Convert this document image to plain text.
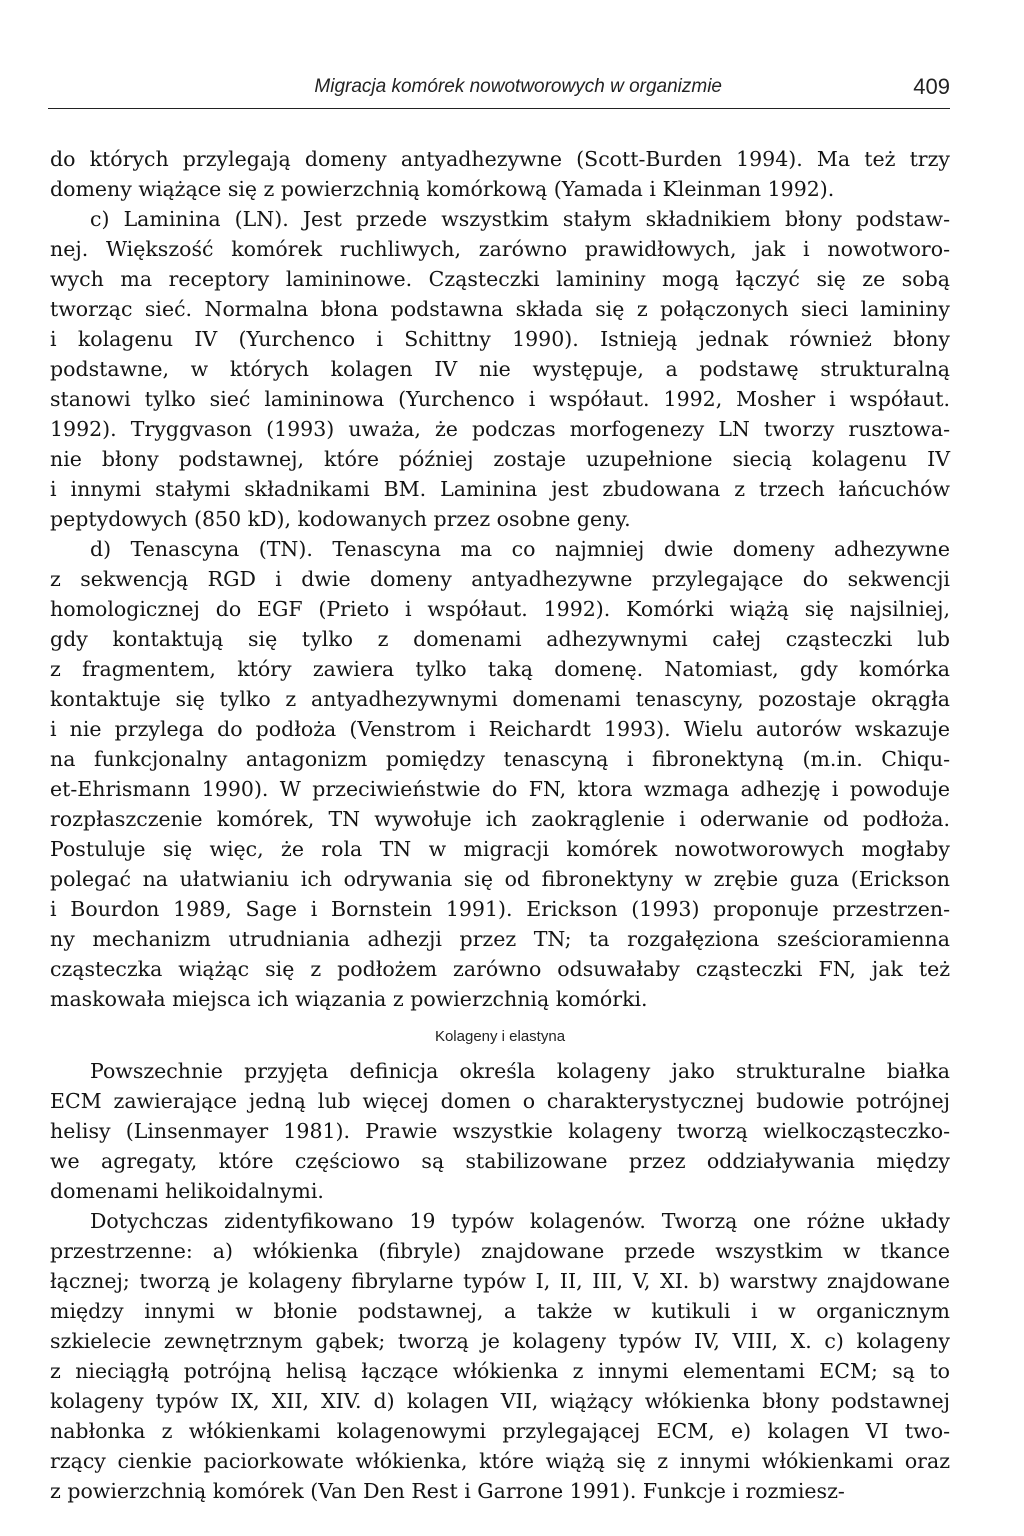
Migracja komórek nowotworowych w organizmie	409
do których przylegają domeny antyadhezywne (Scott-Burden 1994). Ma też trzy
domeny wiążące się z powierzchnią komórkową (Yamada i Kleinman 1992).
c) Laminina (LN). Jest przede wszystkim stałym składnikiem błony podstaw-
nej. Większość komórek ruchliwych, zarówno prawidłowych, jak i nowotworo-
wych ma receptory lamininowe. Cząsteczki lamininy mogą łączyć się ze sobą
tworząc sieć. Normalna błona podstawna składa się z połączonych sieci lamininy
i kolagenu IV (Yurchenco i Schittny 1990). Istnieją jednak również błony
podstawne, w których kolagen IV nie występuje, a podstawę strukturalną
stanowi tylko sieć lamininowa (Yurchenco i współaut. 1992, Mosher i współaut.
1992). Tryggvason (1993) uważa, że podczas morfogenezy LN tworzy rusztowa-
nie błony podstawnej, które później zostaje uzupełnione siecią kolagenu IV
i innymi stałymi składnikami BM. Laminina jest zbudowana z trzech łańcuchów
peptydowych (850 kD), kodowanych przez osobne geny.
d) Tenascyna (TN). Tenascyna ma co najmniej dwie domeny adhezywne
z sekwencją RGD i dwie domeny antyadhezywne przylegające do sekwencji
homologicznej do EGF (Prieto i współaut. 1992). Komórki wiążą się najsilniej,
gdy kontaktują się tylko z domenami adhezywnymi całej cząsteczki lub
z fragmentem, który zawiera tylko taką domenę. Natomiast, gdy komórka
kontaktuje się tylko z antyadhezywnymi domenami tenascyny, pozostaje okrągła
i nie przylega do podłoża (Venstrom i Reichardt 1993). Wielu autorów wskazuje
na funkcjonalny antagonizm pomiędzy tenascyną i fibronektyną (m.in. Chiqu-
et-Ehrismann 1990). W przeciwieństwie do FN, ktora wzmaga adhezję i powoduje
rozpłaszczenie komórek, TN wywołuje ich zaokrąglenie i oderwanie od podłoża.
Postuluje się więc, że rola TN w migracji komórek nowotworowych mogłaby
polegać na ułatwianiu ich odrywania się od fibronektyny w zrębie guza (Erickson
i Bourdon 1989, Sage i Bornstein 1991). Erickson (1993) proponuje przestrzen-
ny mechanizm utrudniania adhezji przez TN; ta rozgałęziona sześcioramienna
cząsteczka wiążąc się z podłożem zarówno odsuwałaby cząsteczki FN, jak też
maskowała miejsca ich wiązania z powierzchnią komórki.
Kolageny i elastyna
Powszechnie przyjęta definicja określa kolageny jako strukturalne białka
ECM zawierające jedną lub więcej domen o charakterystycznej budowie potrójnej
helisy (Linsenmayer 1981). Prawie wszystkie kolageny tworzą wielkocząsteczko-
we agregaty, które częściowo są stabilizowane przez oddziaływania między
domenami helikoidalnymi.
Dotychczas zidentyfikowano 19 typów kolagenów. Tworzą one różne układy
przestrzenne: a) włókienka (fibryle) znajdowane przede wszystkim w tkance
łącznej; tworzą je kolageny fibrylarne typów I, II, III, V, XI. b) warstwy znajdowane
między innymi w błonie podstawnej, a także w kutikuli i w organicznym
szkielecie zewnętrznym gąbek; tworzą je kolageny typów IV, VIII, X. c) kolageny
z nieciągłą potrójną helisą łączące włókienka z innymi elementami ECM; są to
kolageny typów IX, XII, XIV. d) kolagen VII, wiążący włókienka błony podstawnej
nabłonka z włókienkami kolagenowymi przylegającej ECM, e) kolagen VI two-
rzący cienkie paciorkowate włókienka, które wiążą się z innymi włókienkami oraz
z powierzchnią komórek (Van Den Rest i Garrone 1991). Funkcje i rozmiesz-
